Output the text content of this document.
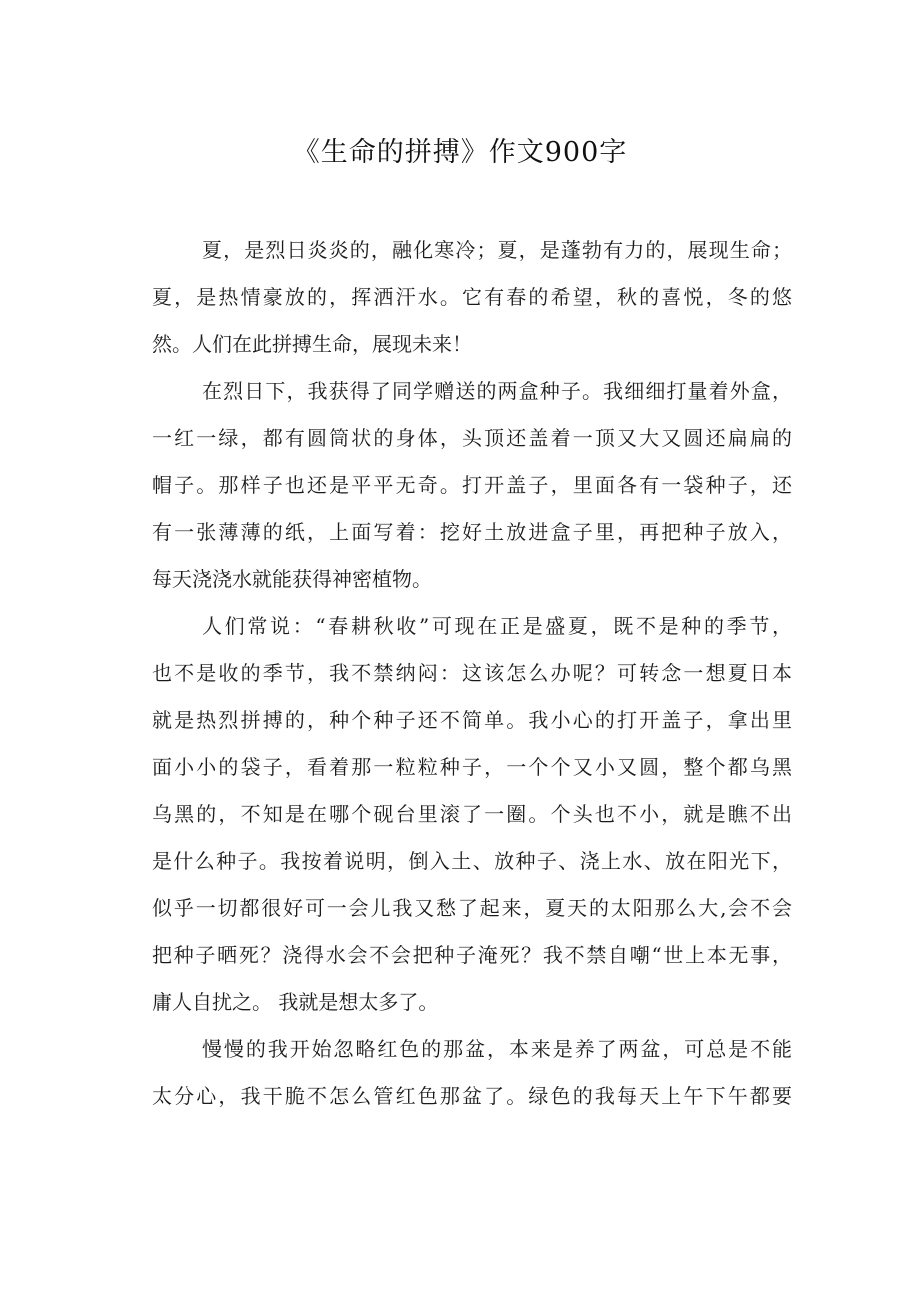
《生命的拼搏》作文900字
夏，是烈日炎炎的，融化寒冷；夏，是蓬勃有力的，展现生命；
夏，是热情豪放的，挥洒汗水。它有春的希望，秋的喜悦，冬的悠
然。人们在此拼搏生命，展现未来！
在烈日下，我获得了同学赠送的两盒种子。我细细打量着外盒，
一红一绿，都有圆筒状的身体，头顶还盖着一顶又大又圆还扁扁的
帽子。那样子也还是平平无奇。打开盖子，里面各有一袋种子，还
有一张薄薄的纸，上面写着：挖好土放进盒子里，再把种子放入，
每天浇浇水就能获得神密植物。
人们常说：“春耕秋收”可现在正是盛夏，既不是种的季节，
也不是收的季节，我不禁纳闷：这该怎么办呢？可转念一想夏日本
就是热烈拼搏的，种个种子还不简单。我小心的打开盖子，拿出里
面小小的袋子，看着那一粒粒种子，一个个又小又圆，整个都乌黑
乌黑的，不知是在哪个砚台里滚了一圈。个头也不小，就是瞧不出
是什么种子。我按着说明，倒入土、放种子、浇上水、放在阳光下，
似乎一切都很好可一会儿我又愁了起来，夏天的太阳那么大,会不会
把种子晒死？浇得水会不会把种子淹死？我不禁自嘲“世上本无事，
庸人自扰之。 我就是想太多了。
慢慢的我开始忽略红色的那盆，本来是养了两盆，可总是不能
太分心，我干脆不怎么管红色那盆了。绿色的我每天上午下午都要
